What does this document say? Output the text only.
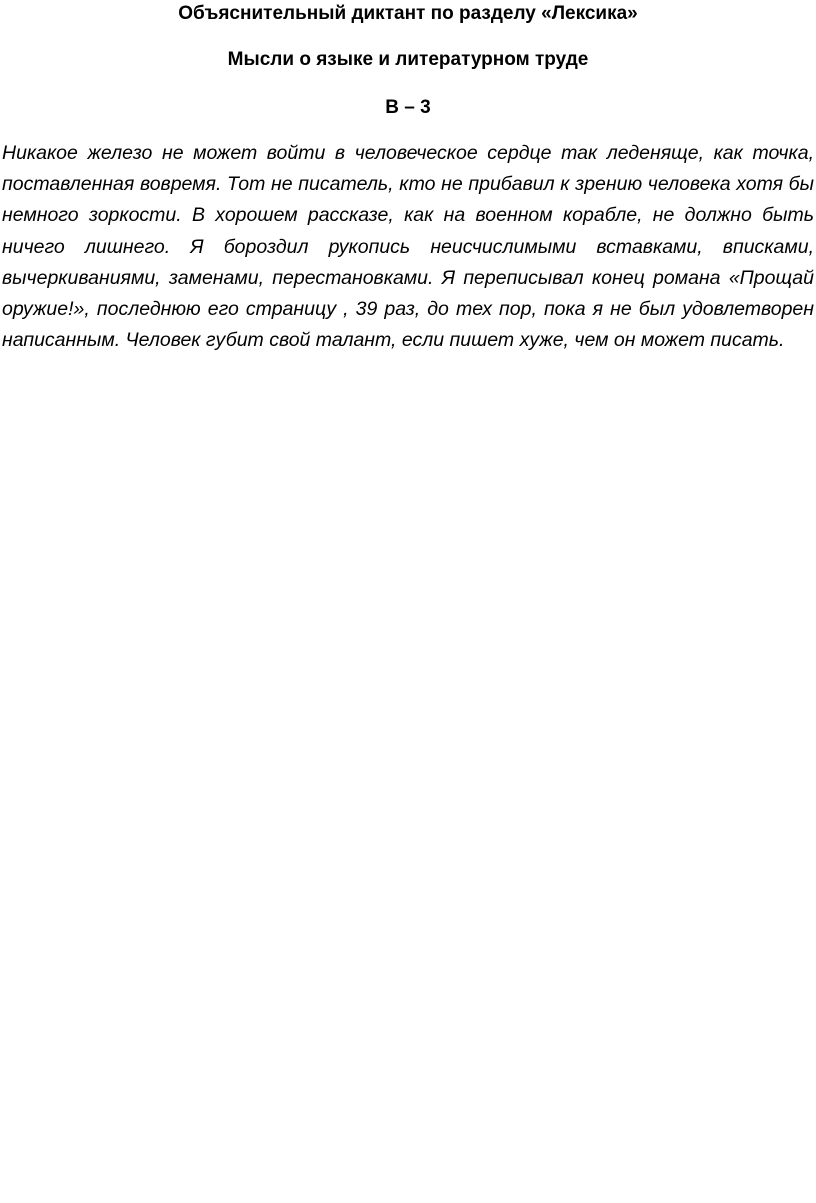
Объяснительный диктант по разделу «Лексика»
Мысли о языке и литературном труде
В – 3

Никакое железо не может войти в человеческое сердце так леденяще, как точка, поставленная вовремя. Тот не писатель, кто не прибавил к зрению человека хотя бы немного зоркости. В хорошем рассказе, как на военном корабле, не должно быть ничего лишнего. Я бороздил рукопись неисчислимыми вставками, вписками, вычеркиваниями, заменами, перестановками. Я переписывал конец романа «Прощай оружие!», последнюю его страницу , 39 раз, до тех пор, пока я не был удовлетворен написанным. Человек губит свой талант, если пишет хуже, чем он может писать.
